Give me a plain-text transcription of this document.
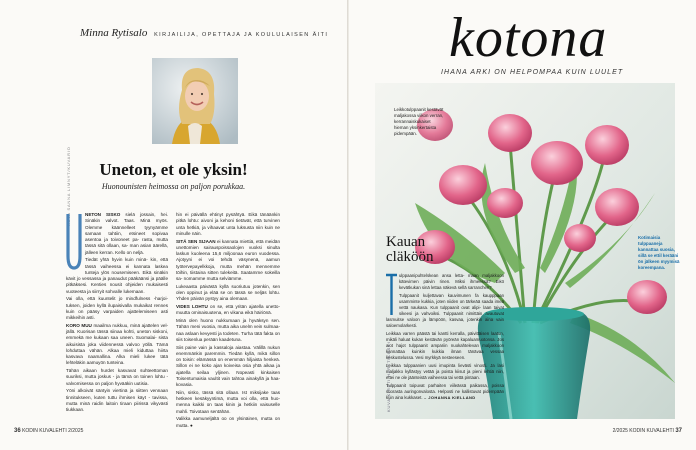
Minna Rytisalo KIRJAILIJA, OPETTAJA JA KOULULAISEN ÄITI
KUVA SANNA LIMNYT/KUVARIO	Uneton, et ole yksin!
Huonounisten heimossa on paljon porukkaa.

NETON SISKO sielä jossain, hei. Sinäkin valvot. Taas. Minä myös. Olemme käännelleet tyynyämme samaan tahtiin, etsineet sopivaa asentoa ja toivoneet pa- rasta, mutta tässä sitä ollaan, sa- man asian äärellä, jälleen kerran. Kello on neljä.

Tiedät yhtä hyvin kuin minä- kin, että tässä vaiheessa ei kannata laskea tunteja ylös nousemiseen. Eikä sinäkin kävit jo vessassa ja panaudut pääkäänsi ja päälle pitkäksesi. Kenties nousit ohjeiden mukaisesti vuoteesta ja siirryit sohvalle lukemaan.

Vai olla, että kuuntelit jo mindfulness -harjoi- tuksen, joiden kyllä ilupaisivalla mukaikat rennes kuin on pääsy varpaiden ajattelemiseen asti mikkeihin asti.

KORO MUU maailma nukkuu, minä ajattelen vel- jällä. Kuorisan tässä siinaa kohti, uneton siskoni, emmekä me kukaan saa uneen. Suomalai- sista aikuisista joka viidennessä valvoo yöllä. Tämä lohduttaa vähän. Alkaa mieli kiduttaa hiirta kasvava naamallina. Alka mieli lukee tätä lehteläkin aamuyön tunteina.

Tähän aikaan hurdet kasvavat suhteettoman suuriksi, mutta joskus - ja tämä on toinen lohtu - valvomisessa on paljon hyvääkin uutisia.

Yöni alkoivät säntyin viertinä ja siitten vennaan tinnitukseen, kuten tuttu ihmisen käyt - tavissa, mutta minä raidin laitoin tiraan piirissä vikyvästi tiukkaan.

hin ei päivällä ehtinyt pysähtyä. Eikä tänäänkin pitkä lohtu: aivoni ja kehoni tietävät, että turvinen unta hetkiä, ja vihaavat unta luksusta niin kuin ne minulle näin.

SITÄ SEN SIJAAN ei kannata miettiä, että meidän unettomien sairauspoissaolojen vuoksi sinulta laskun kuoleena 15,6 miljoonaa euron vuodessa. Ajotyyni ei voi tehdä väsynenä, aamun työtervepayelkkoja, mutta mehän mennemme töihin, tiistaina sitten tulekeitä. Saatamme sokeilla sa- nomamme mutta selviämme.

Lukeaasta päivästä kyllä suoriutuu jotenkin, sen olen oppinut ja elää se on tässä se neljäs lohtu. Yhden päivän pystyy aina olemaan.

VIDES LOHTU on se, että yritän ajatella unetto- muutta ominaisuutena, en vikana eikä häiriönä.

Minä olen huono nukkumaan ja hyväksyn sen. Tähän meni vuosia, mutta aika unelm vein sulmaa- naa aslaan kevyesti ja todeten. Turha tätä fakta on siis toisenlua perään kaadetuna.

Siis paine vain ja kassaloja aiastaa. Välillä nukun enemmänkin paremmin. Tiedän kyllä, mikä sillon on toisin: elämässä on enemmän hiljaista henkeä. Sillon ei ne koko ajan koiveisa osia yhtä aikaa ja ajatella seilaa yljinen. Nopeasti kinkaisen Toisentumaisia vaultit vain tahtoa ainakyllä ja haa-kovasia.

Niin, sisko, tässä sitä ollaan. Ist miksijake taas hetkeen kesäkyyntimä, mutta voi olla, että huo- menna kaikki on taas kinin ja hetkiin vaisuselle mahli. Toivotaan sentähän.

Valikka aamuneljältä oo on ylsinäinen, mutta on mutta. ●

36 KODIN KUVALEHTI 2/2025
kotona
IHANA ARKI ON HELPOMPAA KUIN LUULET
Leikkotulppaanit kestävät maljakossa viikon verran, kerrannaiskukaiset hieman yksinkertaista pidempään.
Kotimaisia tulppaaneja kannattaa suosia, sillä se ettil kerääni ön jälkeen myymisä koreempana.
Kauan cläköön

ulppaanipuhtelskean ansa letta- maan maljakkoon kätevimen päivin rinen. Miksi ihmeessä? Eikö kevätkukan sinä lettaa näkevä sellä sarranchen?

Tulppaanit kuljettavan kauvimunen fa kaupppaan usamminte kukkia, joten niiden on tärkeää saada imeä vettä naukasa. Kun tulppaanit ovat alipi- laan taivat sikeesi ja vahvoiksi. Tulppaanit nimittäin avautuvat lasmuitse valoon ja lämpöön, kasvaa, jotenkin aina vain saloemolarkesti.

Leikkaa varren päästä tai kantti kerralla, päivittäisen laatun, mikäli haluat kukan kestävän pyöreän kapaluamuotonsa. Jos aiot hajot tulppaanit ampariin nuokahtelevan maljakkoon kannattaa kuinkin kukkia ilman tänävaa vessaa keskustelussa. Vesi myrkkyä nesteeseen.

Leikkaa tulppaanien uusi imupinta lievästi vinosti. Ja lasi maljakko kyllästyy vetää ja poista kiisut ja pieni lehtiä niin, ettei ne ole jäänteistä vaiheessa tai vettä pintaan.

Tulppaanit toipuvat parhaiten viileässä paikassa, poissa suorasta auringonvalosta. Helposti ne kallistuvat pidempään kuin aina kukkaset. – JOHANNA KIELLAND

KUVA KIRSTI HARTTIKOSKI
2/2025 KODIN KUVALEHTI 37
